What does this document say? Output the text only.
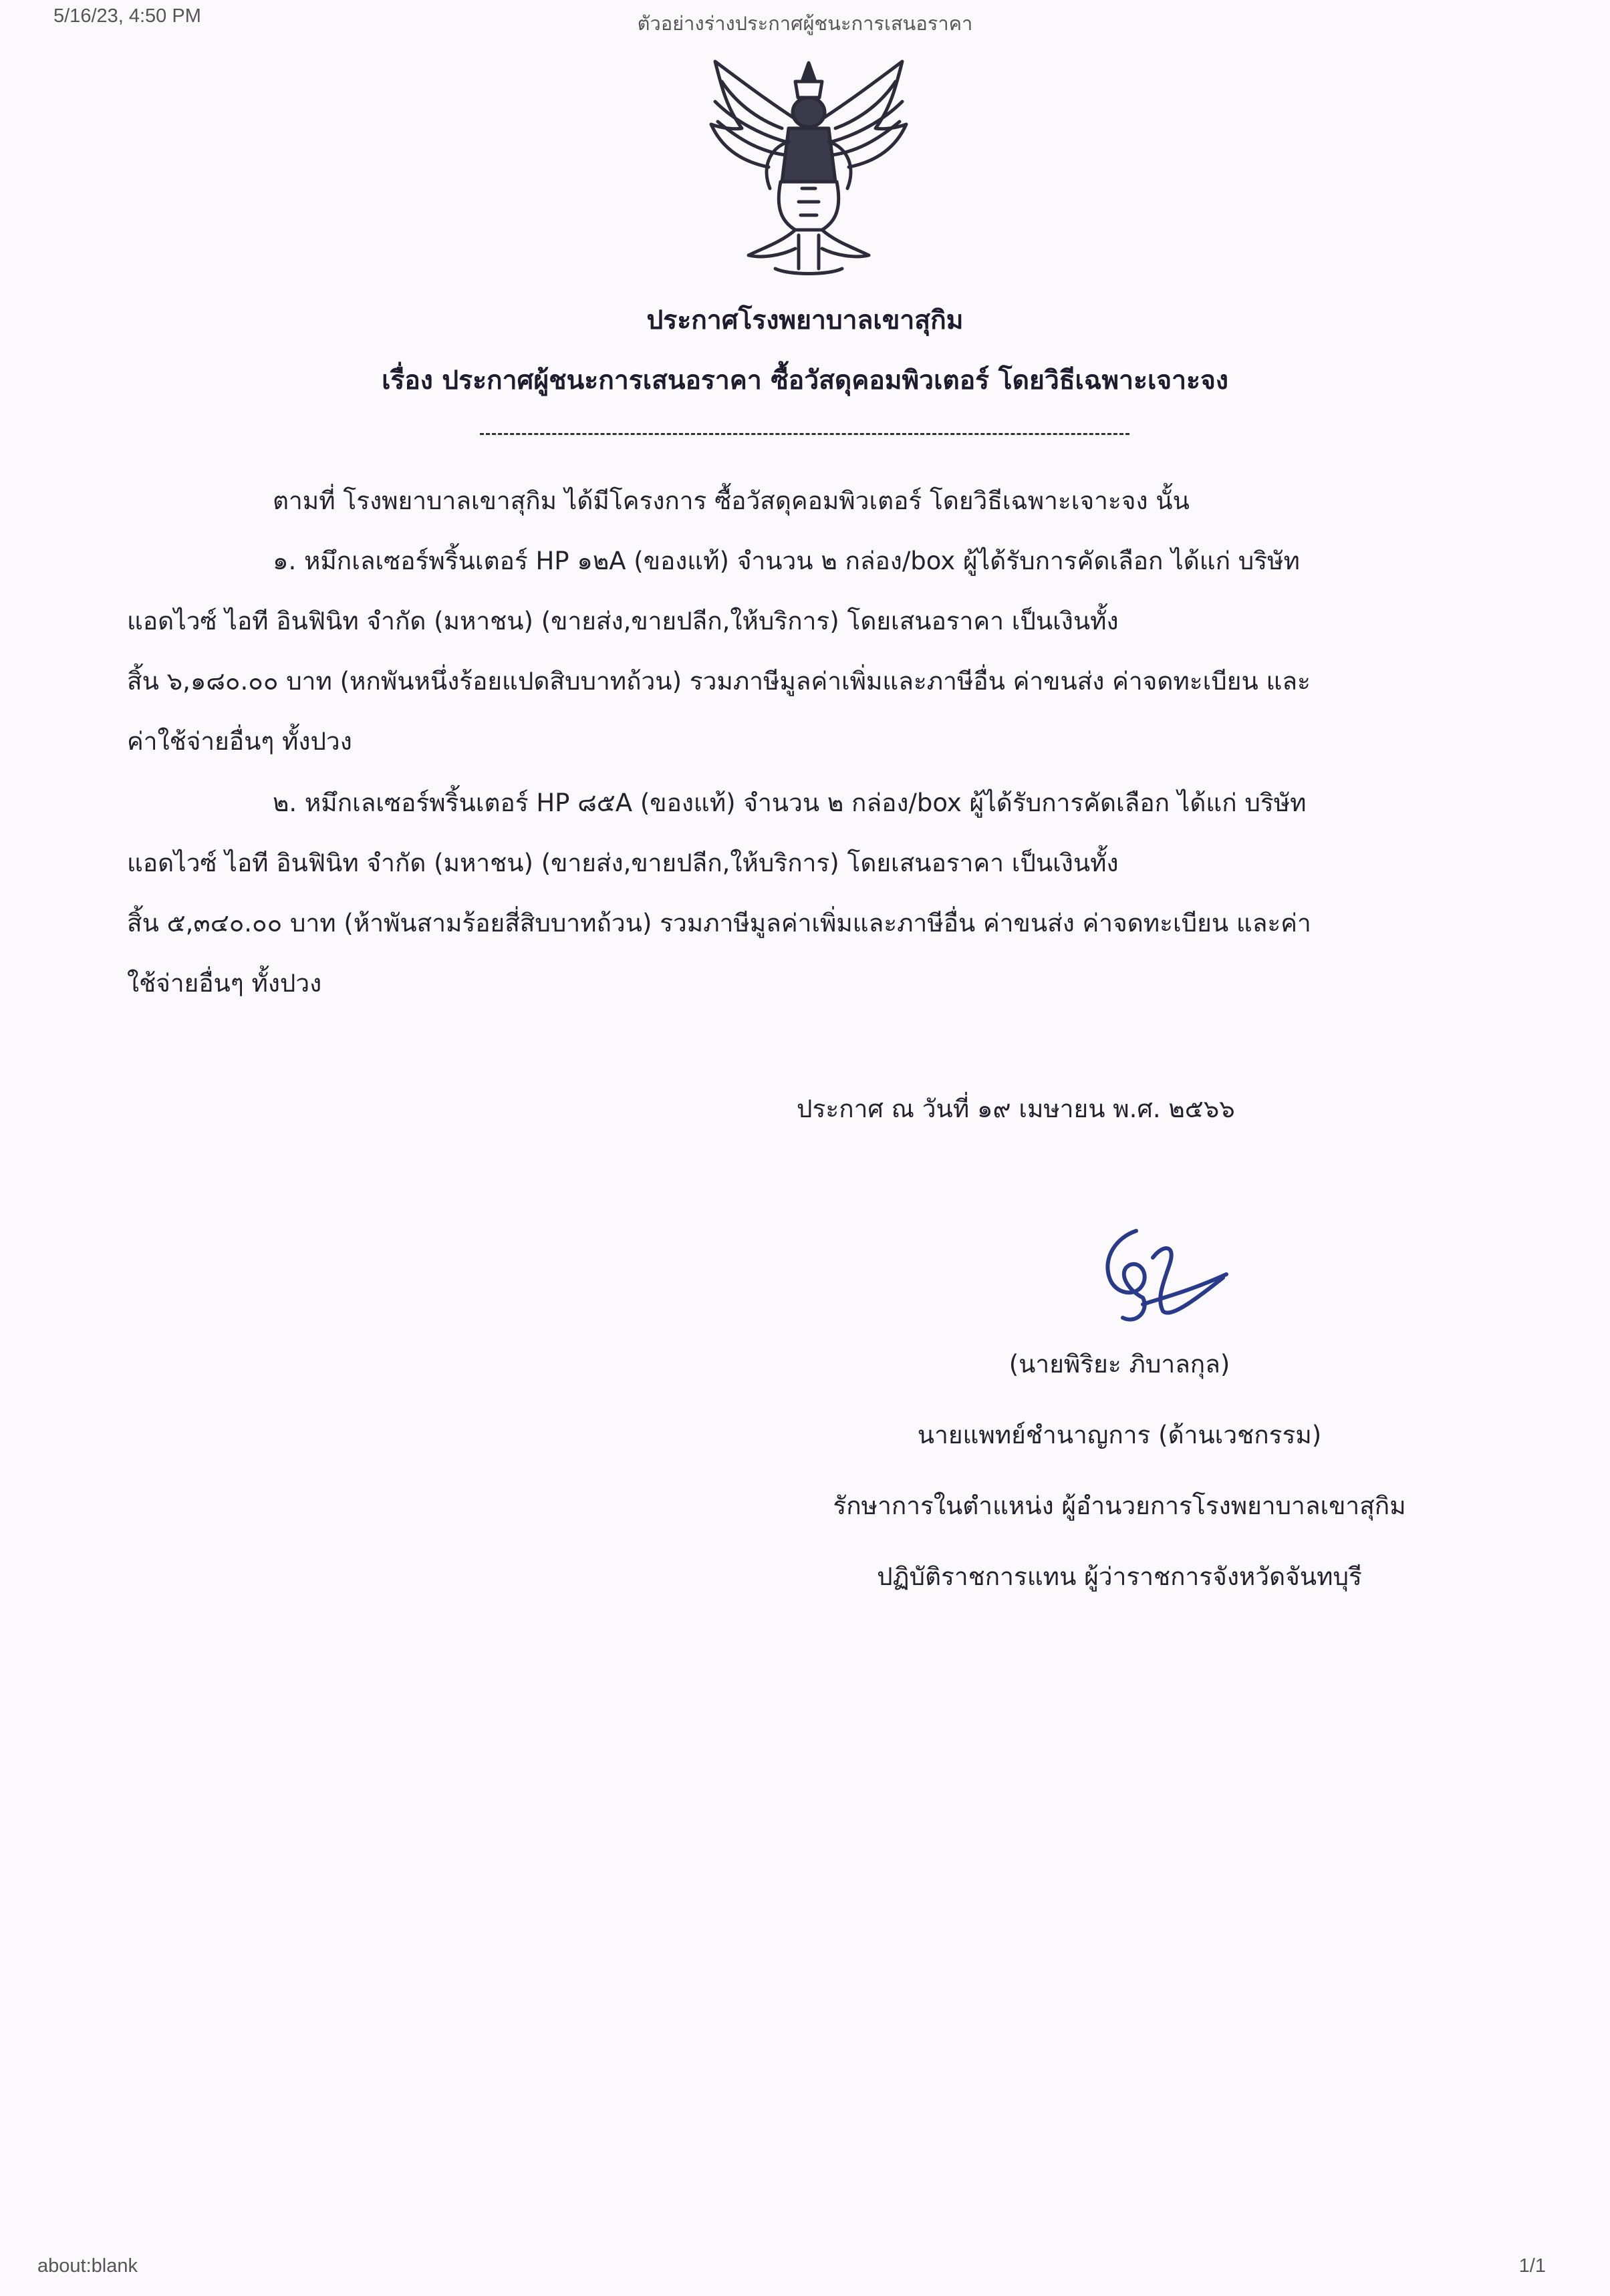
5/16/23, 4:50 PM	ตัวอย่างร่างประกาศผู้ชนะการเสนอราคา
ประกาศโรงพยาบาลเขาสุกิม
เรื่อง ประกาศผู้ชนะการเสนอราคา ซื้อวัสดุคอมพิวเตอร์ โดยวิธีเฉพาะเจาะจง
ตามที่ โรงพยาบาลเขาสุกิม ได้มีโครงการ ซื้อวัสดุคอมพิวเตอร์ โดยวิธีเฉพาะเจาะจง นั้น
๑. หมึกเลเซอร์พริ้นเตอร์ HP ๑๒A (ของแท้) จำนวน ๒ กล่อง/box ผู้ได้รับการคัดเลือก ได้แก่ บริษัท
แอดไวซ์ ไอที อินฟินิท จำกัด (มหาชน) (ขายส่ง,ขายปลีก,ให้บริการ) โดยเสนอราคา เป็นเงินทั้ง
สิ้น ๖,๑๘๐.๐๐ บาท (หกพันหนึ่งร้อยแปดสิบบาทถ้วน) รวมภาษีมูลค่าเพิ่มและภาษีอื่น ค่าขนส่ง ค่าจดทะเบียน และ
ค่าใช้จ่ายอื่นๆ ทั้งปวง
๒. หมึกเลเซอร์พริ้นเตอร์ HP ๘๕A (ของแท้) จำนวน ๒ กล่อง/box ผู้ได้รับการคัดเลือก ได้แก่ บริษัท
แอดไวซ์ ไอที อินฟินิท จำกัด (มหาชน) (ขายส่ง,ขายปลีก,ให้บริการ) โดยเสนอราคา เป็นเงินทั้ง
สิ้น ๕,๓๔๐.๐๐ บาท (ห้าพันสามร้อยสี่สิบบาทถ้วน) รวมภาษีมูลค่าเพิ่มและภาษีอื่น ค่าขนส่ง ค่าจดทะเบียน และค่า
ใช้จ่ายอื่นๆ ทั้งปวง
ประกาศ ณ วันที่ ๑๙ เมษายน พ.ศ. ๒๕๖๖
(นายพิริยะ ภิบาลกุล)
นายแพทย์ชำนาญการ (ด้านเวชกรรม)
รักษาการในตำแหน่ง ผู้อำนวยการโรงพยาบาลเขาสุกิม
ปฏิบัติราชการแทน ผู้ว่าราชการจังหวัดจันทบุรี
about:blank	1/1
